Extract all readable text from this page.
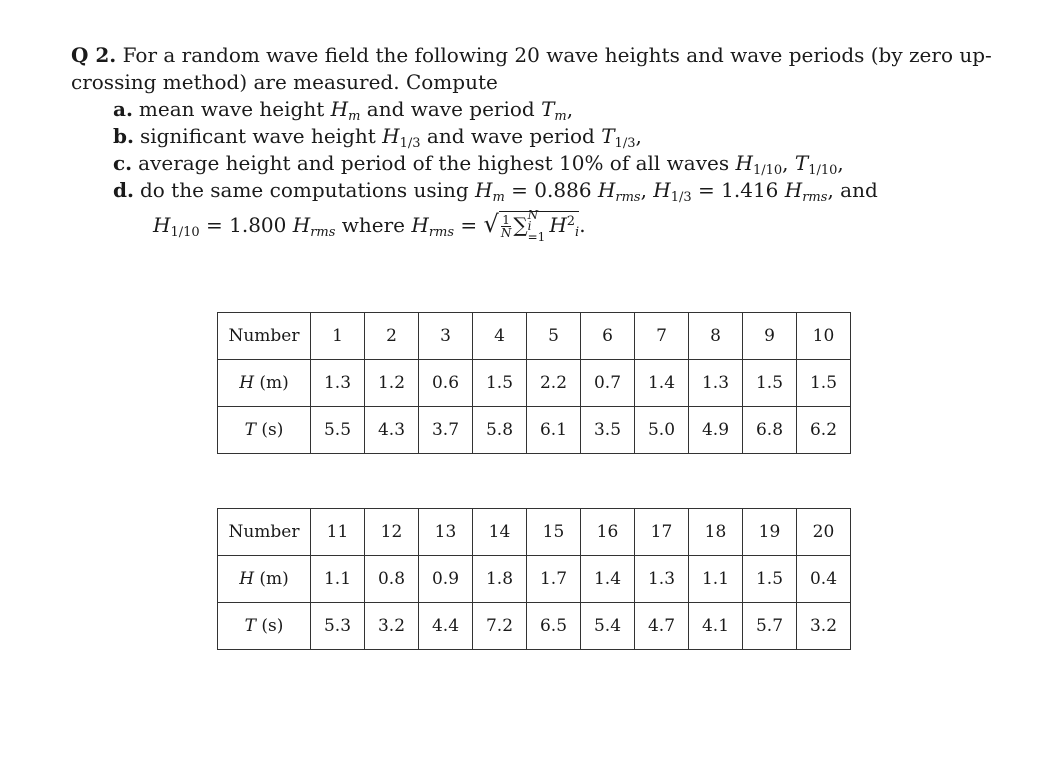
Q 2. For a random wave field the following 20 wave heights and wave periods (by zero up-
crossing method) are measured. Compute
a. mean wave height $H_m$ and wave period $T_m$,
b. significant wave height $H_{1/3}$ and wave period $T_{1/3}$,
c. average height and period of the highest 10% of all waves $H_{1/10}$, $T_{1/10}$,
d. do the same computations using $H_m = 0.886$ $H_{rms}$, $H_{1/3} = 1.416$ $H_{rms}$, and
$H_{1/10} = 1.800$ $H_{rms}$ where $H_{rms}$ = √ $\frac{1}{N}$ ∑ N
i
=1 $H^2_i$.
Number	1	2	3	4	5	6	7	8	9	10
H (m)	1.3	1.2	0.6	1.5	2.2	0.7	1.4	1.3	1.5	1.5
T (s)	5.5	4.3	3.7	5.8	6.1	3.5	5.0	4.9	6.8	6.2
Number	11	12	13	14	15	16	17	18	19	20
H (m)	1.1	0.8	0.9	1.8	1.7	1.4	1.3	1.1	1.5	0.4
T (s)	5.3	3.2	4.4	7.2	6.5	5.4	4.7	4.1	5.7	3.2
